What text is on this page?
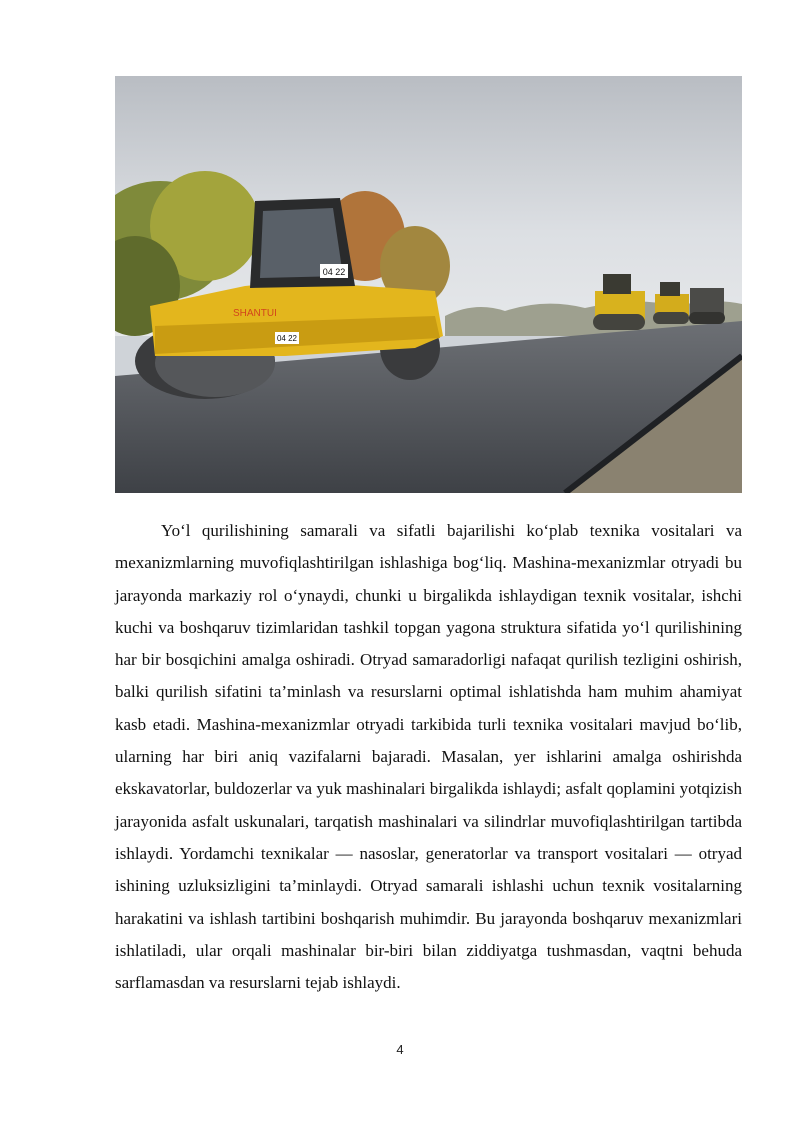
04 22
04 22
SHANTUI

Yo‘l qurilishining samarali va sifatli bajarilishi ko‘plab texnika vositalari va mexanizmlarning muvofiqlashtirilgan ishlashiga bog‘liq. Mashina-mexanizmlar otryadi bu jarayonda markaziy rol o‘ynaydi, chunki u birgalikda ishlaydigan texnik vositalar, ishchi kuchi va boshqaruv tizimlaridan tashkil topgan yagona struktura sifatida yo‘l qurilishining har bir bosqichini amalga oshiradi. Otryad samaradorligi nafaqat qurilish tezligini oshirish, balki qurilish sifatini ta’minlash va resurslarni optimal ishlatishda ham muhim ahamiyat kasb etadi. Mashina-mexanizmlar otryadi tarkibida turli texnika vositalari mavjud bo‘lib, ularning har biri aniq vazifalarni bajaradi. Masalan, yer ishlarini amalga oshirishda ekskavatorlar, buldozerlar va yuk mashinalari birgalikda ishlaydi; asfalt qoplamini yotqizish jarayonida asfalt uskunalari, tarqatish mashinalari va silindrlar muvofiqlashtirilgan tartibda ishlaydi. Yordamchi texnikalar — nasoslar, generatorlar va transport vositalari — otryad ishining uzluksizligini ta’minlaydi. Otryad samarali ishlashi uchun texnik vositalarning harakatini va ishlash tartibini boshqarish muhimdir. Bu jarayonda boshqaruv mexanizmlari ishlatiladi, ular orqali mashinalar bir-biri bilan ziddiyatga tushmasdan, vaqtni behuda sarflamasdan va resurslarni tejab ishlaydi.

4
